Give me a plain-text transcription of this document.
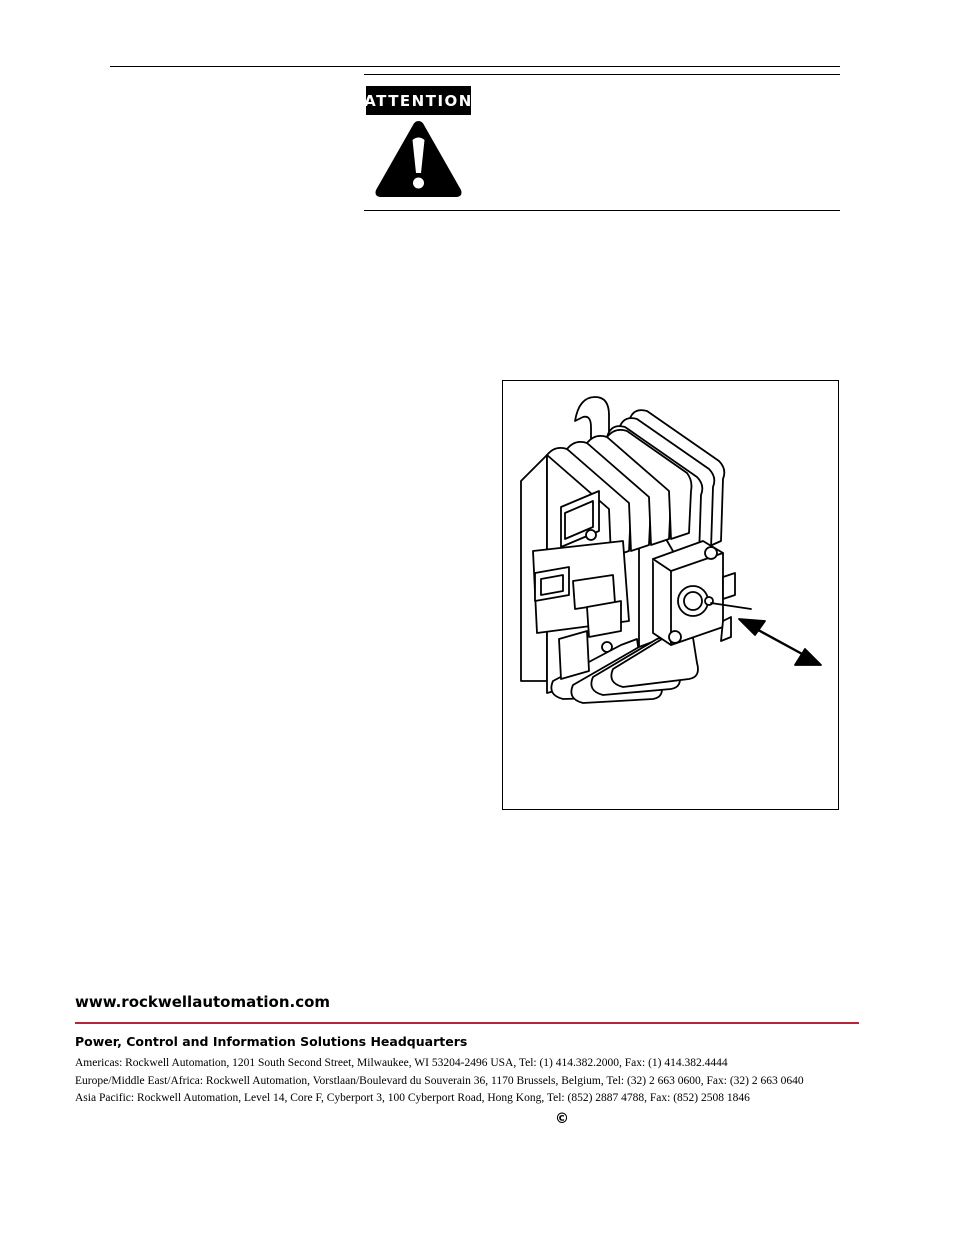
ATTENTION
www.rockwellautomation.com
Power, Control and Information Solutions Headquarters
Americas: Rockwell Automation, 1201 South Second Street, Milwaukee, WI 53204-2496 USA, Tel: (1) 414.382.2000, Fax: (1) 414.382.4444
Europe/Middle East/Africa: Rockwell Automation, Vorstlaan/Boulevard du Souverain 36, 1170 Brussels, Belgium, Tel: (32) 2 663 0600, Fax: (32) 2 663 0640
Asia Pacific: Rockwell Automation, Level 14, Core F, Cyberport 3, 100 Cyberport Road, Hong Kong, Tel: (852) 2887 4788, Fax: (852) 2508 1846
©
